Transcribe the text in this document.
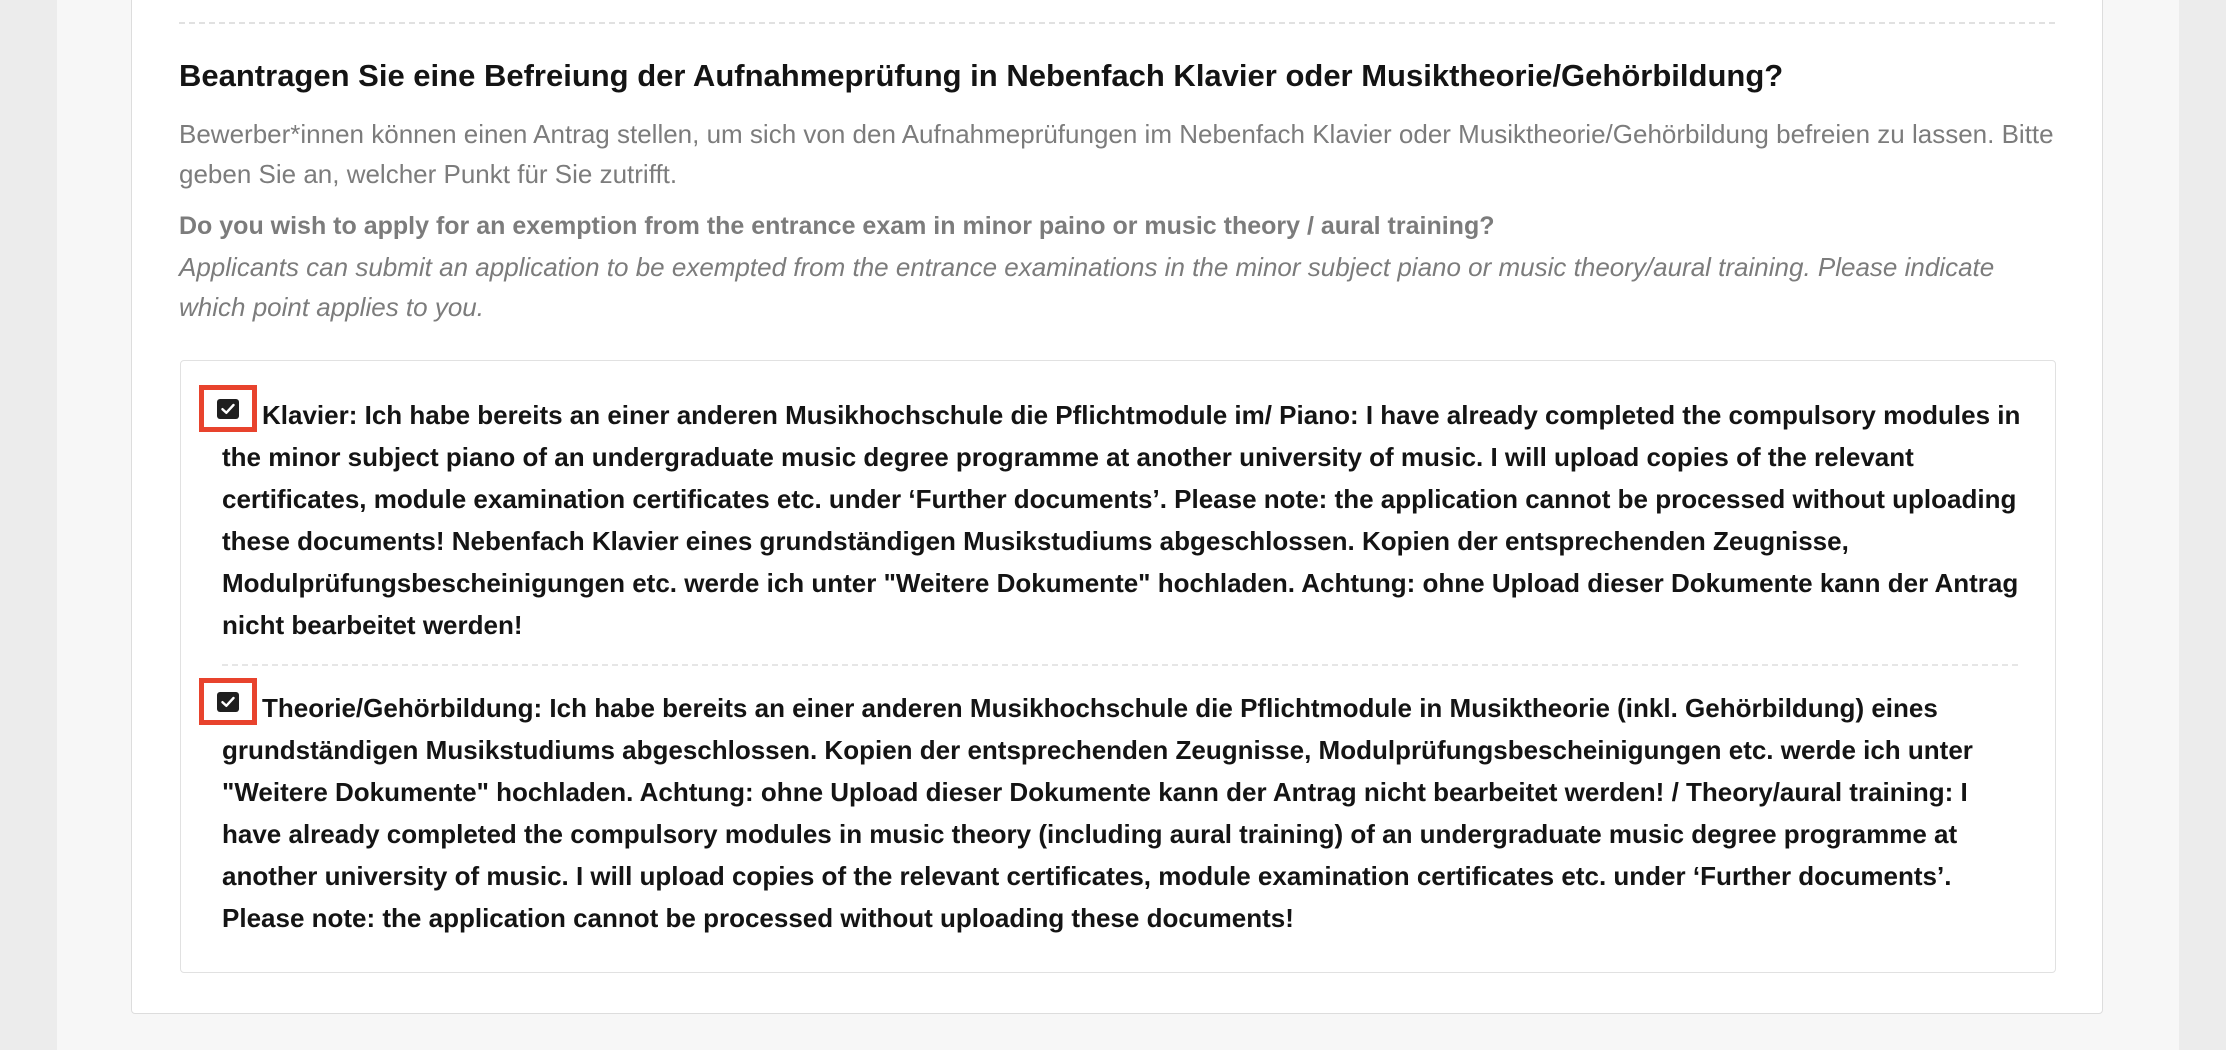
Beantragen Sie eine Befreiung der Aufnahmeprüfung in Nebenfach Klavier oder Musiktheorie/Gehörbildung?

Bewerber*innen können einen Antrag stellen, um sich von den Aufnahmeprüfungen im Nebenfach Klavier oder Musiktheorie/Gehörbildung befreien zu lassen. Bitte geben Sie an, welcher Punkt für Sie zutrifft.

Do you wish to apply for an exemption from the entrance exam in minor paino or music theory / aural training?

Applicants can submit an application to be exempted from the entrance examinations in the minor subject piano or music theory/aural training. Please indicate which point applies to you.

Klavier: Ich habe bereits an einer anderen Musikhochschule die Pflichtmodule im/ Piano: I have already completed the compulsory modules in the minor subject piano of an undergraduate music degree programme at another university of music. I will upload copies of the relevant certificates, module examination certificates etc. under ‘Further documents’. Please note: the application cannot be processed without uploading these documents! Nebenfach Klavier eines grundständigen Musikstudiums abgeschlossen. Kopien der entsprechenden Zeugnisse, Modulprüfungsbescheinigungen etc. werde ich unter "Weitere Dokumente" hochladen. Achtung: ohne Upload dieser Dokumente kann der Antrag nicht bearbeitet werden!
Theorie/Gehörbildung: Ich habe bereits an einer anderen Musikhochschule die Pflichtmodule in Musiktheorie (inkl. Gehörbildung) eines grundständigen Musikstudiums abgeschlossen. Kopien der entsprechenden Zeugnisse, Modulprüfungsbescheinigungen etc. werde ich unter "Weitere Dokumente" hochladen. Achtung: ohne Upload dieser Dokumente kann der Antrag nicht bearbeitet werden! / Theory/aural training: I have already completed the compulsory modules in music theory (including aural training) of an undergraduate music degree programme at another university of music. I will upload copies of the relevant certificates, module examination certificates etc. under ‘Further documents’. Please note: the application cannot be processed without uploading these documents!
